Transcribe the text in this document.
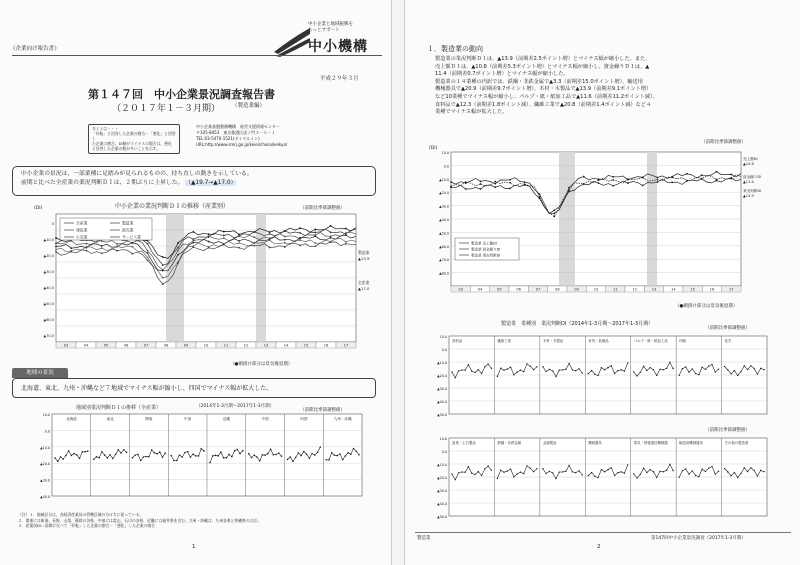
中小企業と地域振興を
もっとサポート
中小機構
《企業向け報告書》
平成２９年３月
第１４７回　中小企業景況調査報告書
（２０１７年１－３月期） （製造業編）
ＤＩとは・・・
「好転」と回答した企業の割合－「悪化」と回答し
た企業の割合。DI値がマイナスの場合は、悪化
と回答した企業の数が多いことを示す。
中小企業基盤整備機構　経営支援情報センター
〒105-8453　東京都港区虎ノ門３－５－１
TEL:03-5470-1521(ダイヤルイン)
URL:http://www.smrj.go.jp/keiei/chosa/keikyo/
中小企業の景況は、一部業種に足踏みが見られるものの、持ち直しの動きを示している。
前期と比べた全産業の業況判断ＤＩは、２期ぶりに上昇した。 （▲19.7→▲17.0）
中小企業の業況判断ＤＩの推移（産業別）	（前期比季節調整値）
(DI)
0
▲10.0
▲20.0
▲30.0
▲40.0
▲50.0
▲60.0
▲70.0
03	04	05	06	07	08	09	10	11	12	13	14	15	16	17
全産業	製造業
建設業	卸売業
小売業	サービス業
製造業
▲13.9
全産業
▲17.0
（●網掛け部分は景気後退期）
地域の景況
北海道、東北、九州・沖縄など７地域でマイナス幅が縮小し、四国でマイナス幅が拡大した。
地域別業況判断ＤＩの推移（全産業）	（2014年1-3月期～2017年1-3月期）
（前期比季節調整値）
10.0
0.0
▲10.0
▲20.0
▲30.0
▲40.0
北海道	東北	関東	中部	近畿	中国	四国	九州・沖縄
（注）１．地域区分は、各経済産業局の管轄区域の分け方に従っている。
２．関東には新潟、長野、山梨、静岡の各県、中部には富山、石川の各県、近畿には福井県を含む。九州・沖縄は、九州各県と沖縄県の合計。
３．産業別DI＝前期に比べて「好転」した企業の割合－「悪化」した企業の割合
1
１．製造業の動向
製造業の業況判断ＤＩは、▲13.9（前期差2.5ポイント増）とマイナス幅が縮小した。また、
売上額ＤＩは、▲10.8（前期差5.3ポイント増）とマイナス幅が縮小し、資金繰りＤＩは、▲
11.4（前期差0.7ポイント増）とマイナス幅が縮小した。
製造業の１４業種の内訳では、鉄鋼・非鉄金属で▲3.3（前期差15.0ポイント増）、輸送用
機械器具で▲20.9（前期差9.7ポイント増）、木材・木製品で▲13.9（前期差9.1ポイント増）
など10業種でマイナス幅が縮小し、パルプ・紙・紙加工品で▲11.6（前期差11.2ポイント減）、
食料品で▲12.3（前期差1.8ポイント減）、繊維工業で▲20.8（前期差1.4ポイント減）など４
業種でマイナス幅が拡大した。
（前期比季節調整値）
(DI)
10.0
0.0
▲10.0
▲20.0
▲30.0
▲40.0
▲50.0
▲60.0
▲70.0
▲80.0
03	04	05	06	07	08	09	10	11	12	13	14	15	16	17
製造業 売上額DI
製造業 資金繰りDI
製造業 業況判断DI
売上額DI
▲10.8
資金繰りDI
▲11.4
業況判断DI
▲13.9
（●網掛け部分は景気後退期）
製造業　業種別　業況判断DI（2014年1-3月期～2017年1-3月期）
（前期比季節調整値）
10.0
0.0
▲10.0
▲20.0
▲30.0
▲40.0
▲50.0
食料品	繊維工業	木材・木製品	家具・装備品	パルプ・紙・紙加工品	印刷	化学
（前期比季節調整値）
10.0
0.0
▲10.0
▲20.0
▲30.0
▲40.0
▲50.0
窯業・土石製品	鉄鋼・非鉄金属	金属製品	機械器具	電気・情報通信機械器	輸送用機械器具	その他の製造業
製造業	第147回中小企業景況調査（2017年1-3月期）
2
